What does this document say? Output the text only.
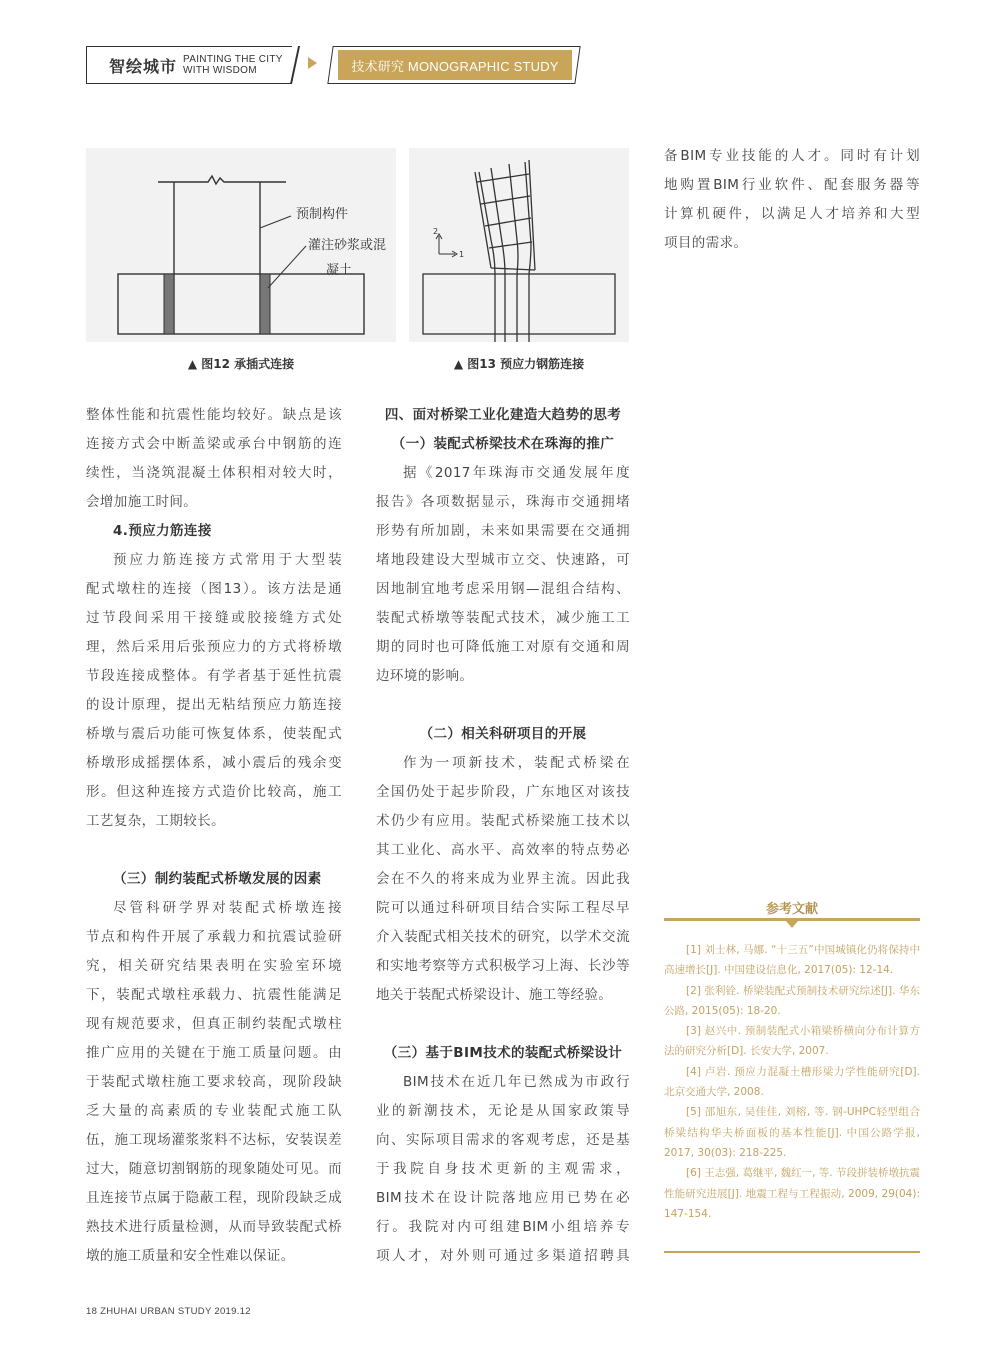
智绘城市 PAINTING THE CITY
WITH WISDOM	技术研究 MONOGRAPHIC STUDY
预制构件
灌注砂浆或混
凝土
▲ 图12 承插式连接
2
1
▲ 图13 预应力钢筋连接

整体性能和抗震性能均较好。缺点是该

连接方式会中断盖梁或承台中钢筋的连

续性，当浇筑混凝土体积相对较大时，

会增加施工时间。

4.预应力筋连接

预应力筋连接方式常用于大型装

配式墩柱的连接（图13）。该方法是通

过节段间采用干接缝或胶接缝方式处

理，然后采用后张预应力的方式将桥墩

节段连接成整体。有学者基于延性抗震

的设计原理，提出无粘结预应力筋连接

桥墩与震后功能可恢复体系，使装配式

桥墩形成摇摆体系，减小震后的残余变

形。但这种连接方式造价比较高，施工

工艺复杂，工期较长。

（三）制约装配式桥墩发展的因素

尽管科研学界对装配式桥墩连接

节点和构件开展了承载力和抗震试验研

究，相关研究结果表明在实验室环境

下，装配式墩柱承载力、抗震性能满足

现有规范要求，但真正制约装配式墩柱

推广应用的关键在于施工质量问题。由

于装配式墩柱施工要求较高，现阶段缺

乏大量的高素质的专业装配式施工队

伍，施工现场灌浆浆料不达标，安装误差

过大，随意切割钢筋的现象随处可见。而

且连接节点属于隐蔽工程，现阶段缺乏成

熟技术进行质量检测，从而导致装配式桥

墩的施工质量和安全性难以保证。

四、面对桥梁工业化建造大趋势的思考

（一）装配式桥梁技术在珠海的推广

据《2017年珠海市交通发展年度

报告》各项数据显示，珠海市交通拥堵

形势有所加剧，未来如果需要在交通拥

堵地段建设大型城市立交、快速路，可

因地制宜地考虑采用钢—混组合结构、

装配式桥墩等装配式技术，减少施工工

期的同时也可降低施工对原有交通和周

边环境的影响。

（二）相关科研项目的开展

作为一项新技术，装配式桥梁在

全国仍处于起步阶段，广东地区对该技

术仍少有应用。装配式桥梁施工技术以

其工业化、高水平、高效率的特点势必

会在不久的将来成为业界主流。因此我

院可以通过科研项目结合实际工程尽早

介入装配式相关技术的研究，以学术交流

和实地考察等方式积极学习上海、长沙等

地关于装配式桥梁设计、施工等经验。

（三）基于BIM技术的装配式桥梁设计

BIM技术在近几年已然成为市政行

业的新潮技术，无论是从国家政策导

向、实际项目需求的客观考虑，还是基

于我院自身技术更新的主观需求，

BIM技术在设计院落地应用已势在必

行。我院对内可组建BIM小组培养专

项人才，对外则可通过多渠道招聘具

备BIM专业技能的人才。同时有计划

地购置BIM行业软件、配套服务器等

计算机硬件，以满足人才培养和大型

项目的需求。

参考文献

[1] 刘士林, 马娜. “十三五”中国城镇化仍将保持中高速增长[J]. 中国建设信息化, 2017(05): 12-14.

[2] 张利铨. 桥梁装配式预制技术研究综述[J]. 华东公路, 2015(05): 18-20.

[3] 赵兴中. 预制装配式小箱梁桥横向分布计算方法的研究分析[D]. 长安大学, 2007.

[4] 卢岩. 预应力混凝土槽形梁力学性能研究[D]. 北京交通大学, 2008.

[5] 邵旭东, 吴佳佳, 刘榕, 等. 钢-UHPC轻型组合桥梁结构华夫桥面板的基本性能[J]. 中国公路学报, 2017, 30(03): 218-225.

[6] 王志强, 葛继平, 魏红一, 等. 节段拼装桥墩抗震性能研究进展[J]. 地震工程与工程振动, 2009, 29(04): 147-154.

18 ZHUHAI URBAN STUDY 2019.12
